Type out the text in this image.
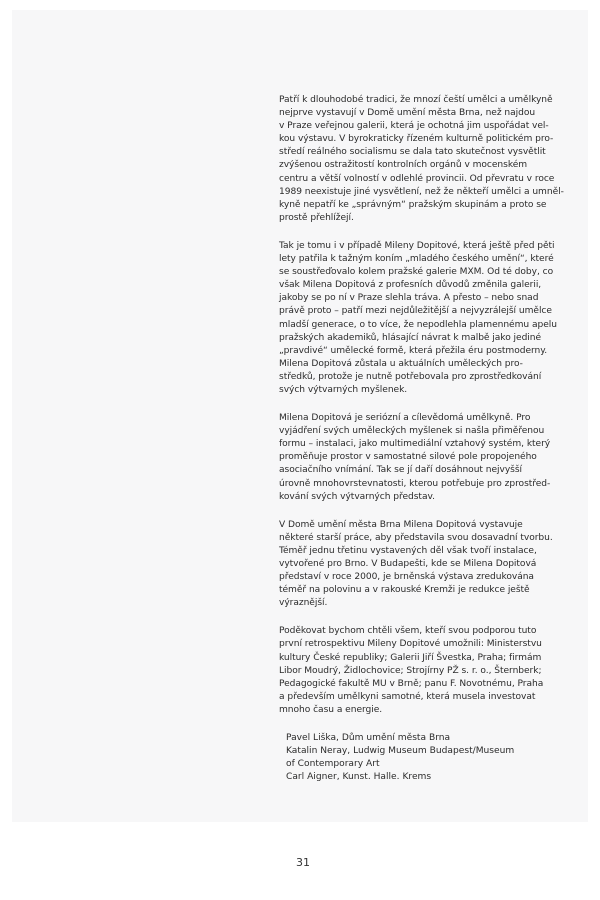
Patří k dlouhodobé tradici, že mnozí čeští umělci a umělkyně
nejprve vystavují v Domě umění města Brna, než najdou
v Praze veřejnou galerii, která je ochotná jim uspořádat vel-
kou výstavu. V byrokraticky řízeném kulturně politickém pro-
středí reálného socialismu se dala tato skutečnost vysvětlit
zvýšenou ostražitostí kontrolních orgánů v mocenském
centru a větší volností v odlehlé provincii. Od převratu v roce
1989 neexistuje jiné vysvětlení, než že někteří umělci a umněl-
kyně nepatří ke „správným“ pražským skupinám a proto se
prostě přehlížejí.

Tak je tomu i v případě Mileny Dopitové, která ještě před pěti
lety patřila k tažným koním „mladého českého umění“, které
se soustřeďovalo kolem pražské galerie MXM. Od té doby, co
však Milena Dopitová z profesních důvodů změnila galerii,
jakoby se po ní v Praze slehla tráva. A přesto – nebo snad
právě proto – patří mezi nejdůležitější a nejvyzrálejší umělce
mladší generace, o to více, že nepodlehla plamennému apelu
pražských akademiků, hlásající návrat k malbě jako jediné
„pravdivé“ umělecké formě, která přežila éru postmoderny.
Milena Dopitová zůstala u aktuálních uměleckých pro-
středků, protože je nutně potřebovala pro zprostředkování
svých výtvarných myšlenek.

Milena Dopitová je seriózní a cílevědomá umělkyně. Pro
vyjádření svých uměleckých myšlenek si našla přiměřenou
formu – instalaci, jako multimediální vztahový systém, který
proměňuje prostor v samostatné silové pole propojeného
asociačního vnímání. Tak se jí daří dosáhnout nejvyšší
úrovně mnohovrstevnatosti, kterou potřebuje pro zprostřed-
kování svých výtvarných představ.

V Domě umění města Brna Milena Dopitová vystavuje
některé starší práce, aby představila svou dosavadní tvorbu.
Téměř jednu třetinu vystavených děl však tvoří instalace,
vytvořené pro Brno. V Budapešti, kde se Milena Dopitová
představí v roce 2000, je brněnská výstava zredukována
téměř na polovinu a v rakouské Kremži je redukce ještě
výraznější.

Poděkovat bychom chtěli všem, kteří svou podporou tuto
první retrospektivu Mileny Dopitové umožnili: Ministerstvu
kultury České republiky; Galerii Jiří Švestka, Praha; firmám
Libor Moudrý, Židlochovice; Strojírny PŽ s. r. o., Šternberk;
Pedagogické fakultě MU v Brně; panu F. Novotnému, Praha
a především umělkyni samotné, která musela investovat
mnoho času a energie.

Pavel Liška, Dům umění města Brna
Katalin Neray, Ludwig Museum Budapest/Museum
of Contemporary Art
Carl Aigner, Kunst. Halle. Krems
31
